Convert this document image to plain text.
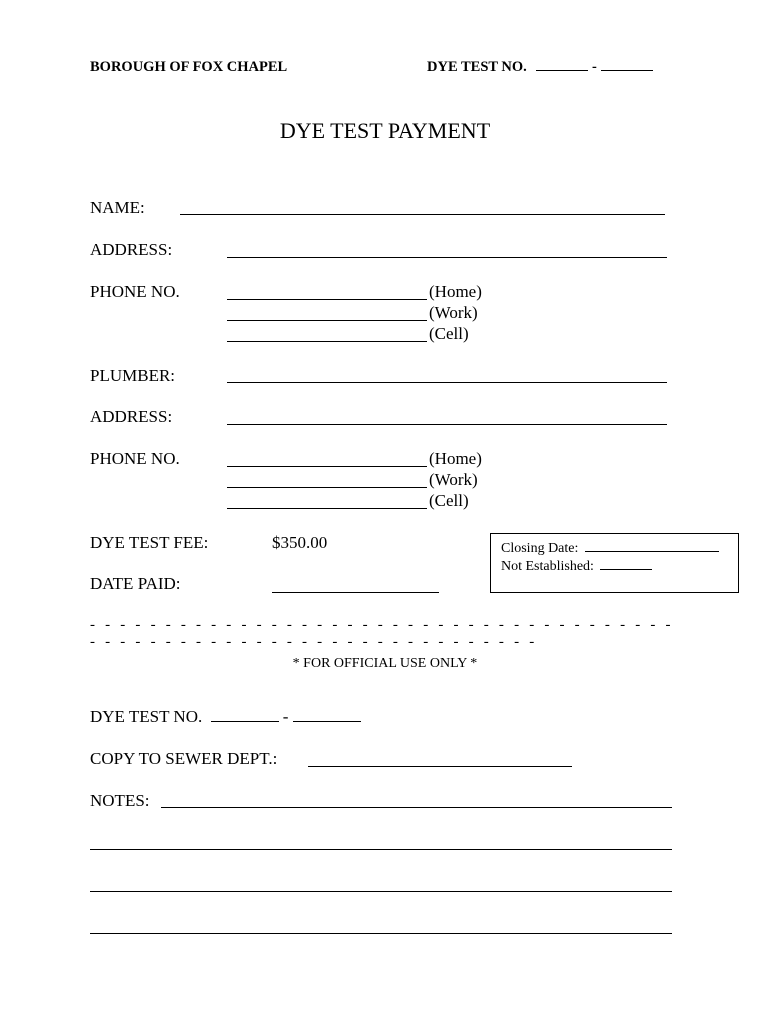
BOROUGH OF FOX CHAPEL	DYE TEST NO.	-
DYE TEST PAYMENT
NAME:
ADDRESS:
PHONE NO.	(Home)
(Work)
(Cell)
PLUMBER:
ADDRESS:
PHONE NO.	(Home)
(Work)
(Cell)
DYE TEST FEE:	$350.00
DATE PAID:
Closing Date:
Not Established:
- - - - - - - - - - - - - - - - - - - - - - - - - - - - - - - - - - - - - - - - - - - - - - - - - - - - - - - - - - - - - - - - - - - - -
* FOR OFFICIAL USE ONLY *
DYE TEST NO.	-
COPY TO SEWER DEPT.:
NOTES:
